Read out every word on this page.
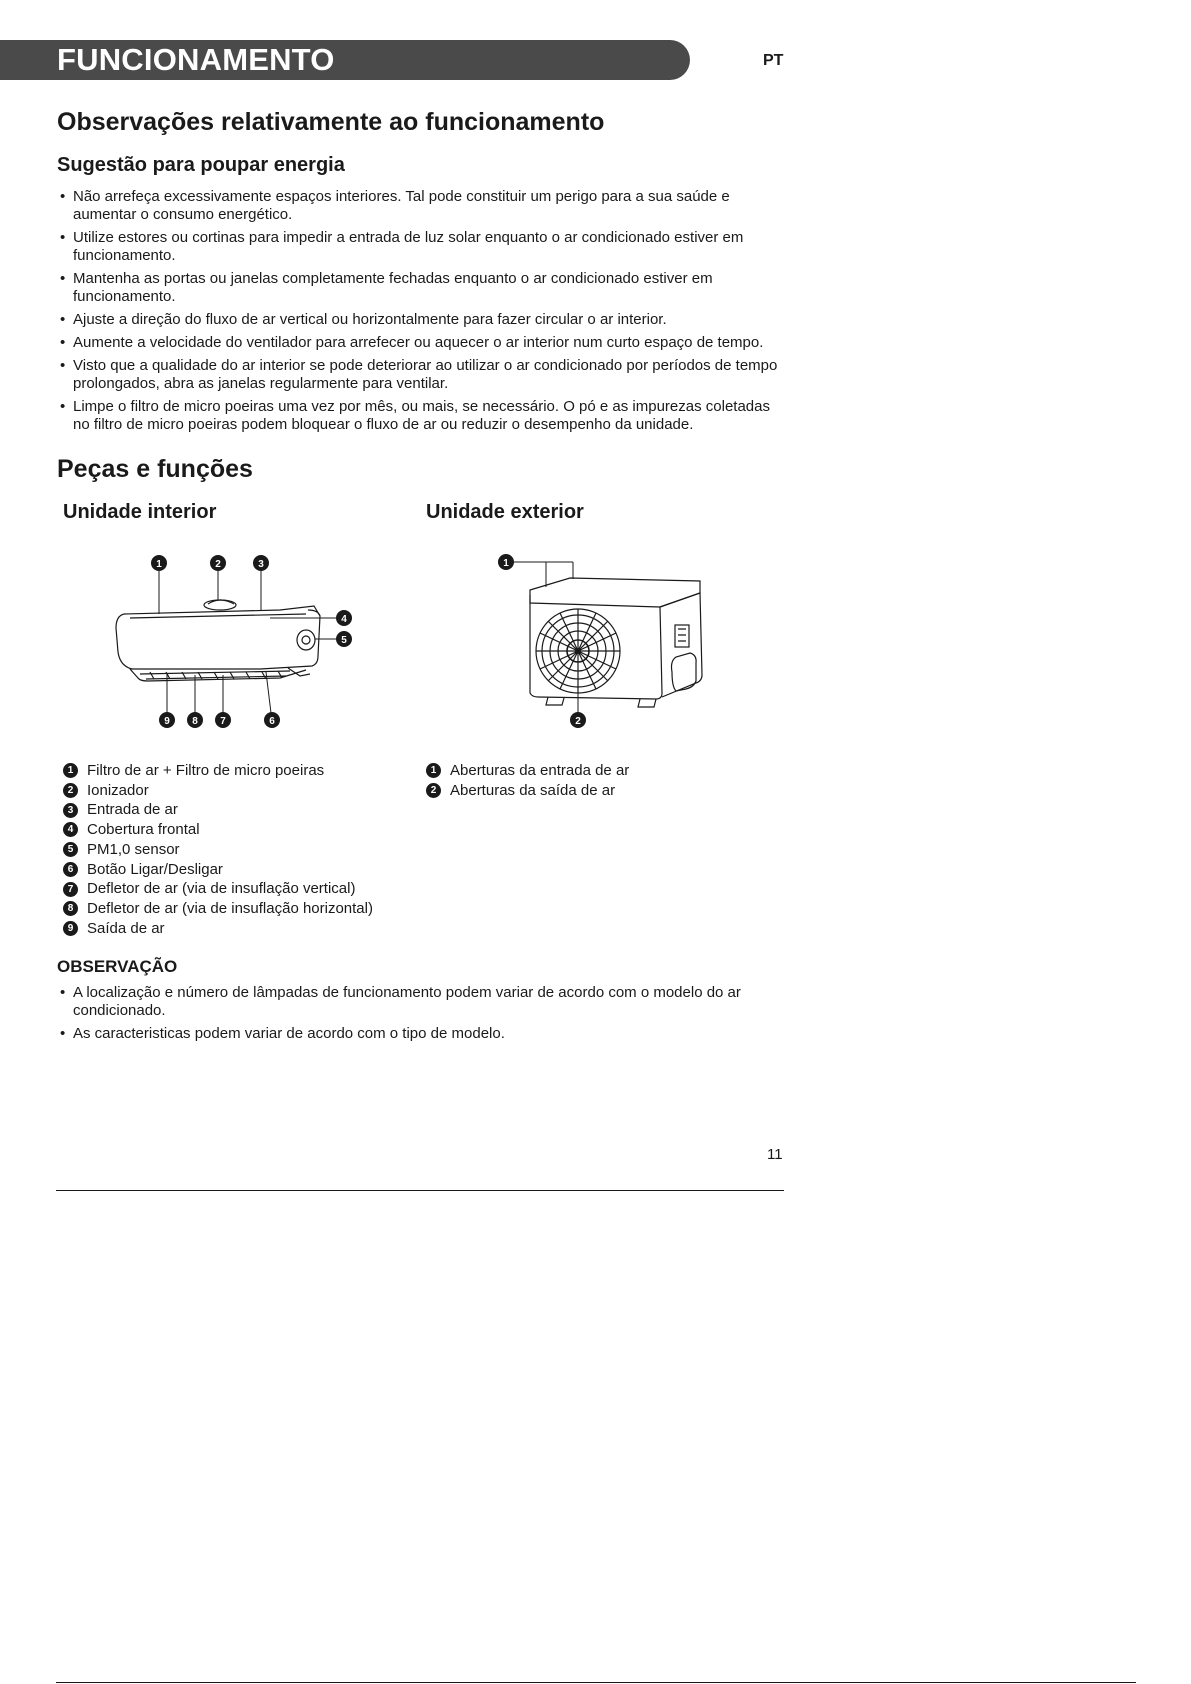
FUNCIONAMENTO	PT
Observações relativamente ao funcionamento
Sugestão para poupar energia
• Não arrefeça excessivamente espaços interiores. Tal pode constituir um perigo para a sua saúde e aumentar o consumo energético.
• Utilize estores ou cortinas para impedir a entrada de luz solar enquanto o ar condicionado estiver em funcionamento.
• Mantenha as portas ou janelas completamente fechadas enquanto o ar condicionado estiver em funcionamento.
• Ajuste a direção do fluxo de ar vertical ou horizontalmente para fazer circular o ar interior.
• Aumente a velocidade do ventilador para arrefecer ou aquecer o ar interior num curto espaço de tempo.
• Visto que a qualidade do ar interior se pode deteriorar ao utilizar o ar condicionado por períodos de tempo prolongados, abra as janelas regularmente para ventilar.
• Limpe o filtro de micro poeiras uma vez por mês, ou mais, se necessário. O pó e as impurezas coletadas no filtro de micro poeiras podem bloquear o fluxo de ar ou reduzir o desempenho da unidade.
Peças e funções
Unidade interior	Unidade exterior
1	2	3
4
5
9 8 7	6
1
2
1 Filtro de ar + Filtro de micro poeiras
2 Ionizador
3 Entrada de ar
4 Cobertura frontal
5 PM1,0 sensor
6 Botão Ligar/Desligar
7 Defletor de ar (via de insuflação vertical)
8 Defletor de ar (via de insuflação horizontal)
9 Saída de ar
1 Aberturas da entrada de ar
2 Aberturas da saída de ar
OBSERVAÇÃO
• A localização e número de lâmpadas de funcionamento podem variar de acordo com o modelo do ar condicionado.
• As caracteristicas podem variar de acordo com o tipo de modelo.
11
